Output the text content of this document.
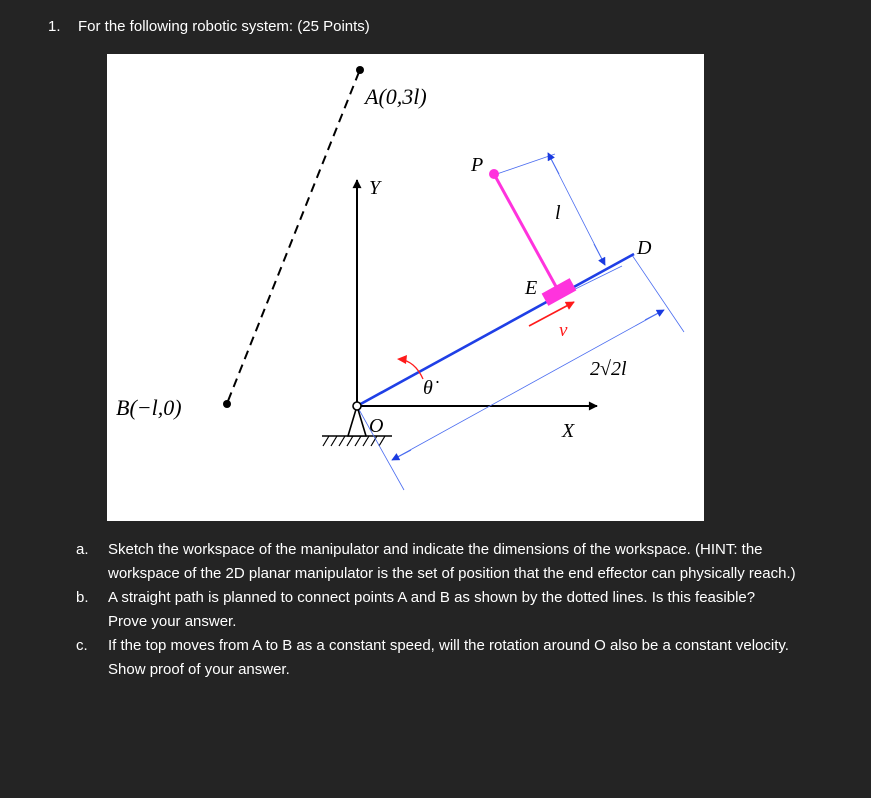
1. For the following robotic system: (25 Points)
A(0,3l)
B(−l,0)
Y
P
l
D
E
v
2√2l
θ̇
O	X
a. Sketch the workspace of the manipulator and indicate the dimensions of the workspace. (HINT: the workspace of the 2D planar manipulator is the set of position that the end effector can physically reach.)
b. A straight path is planned to connect points A and B as shown by the dotted lines. Is this feasible? Prove your answer.
c. If the top moves from A to B as a constant speed, will the rotation around O also be a constant velocity. Show proof of your answer.
